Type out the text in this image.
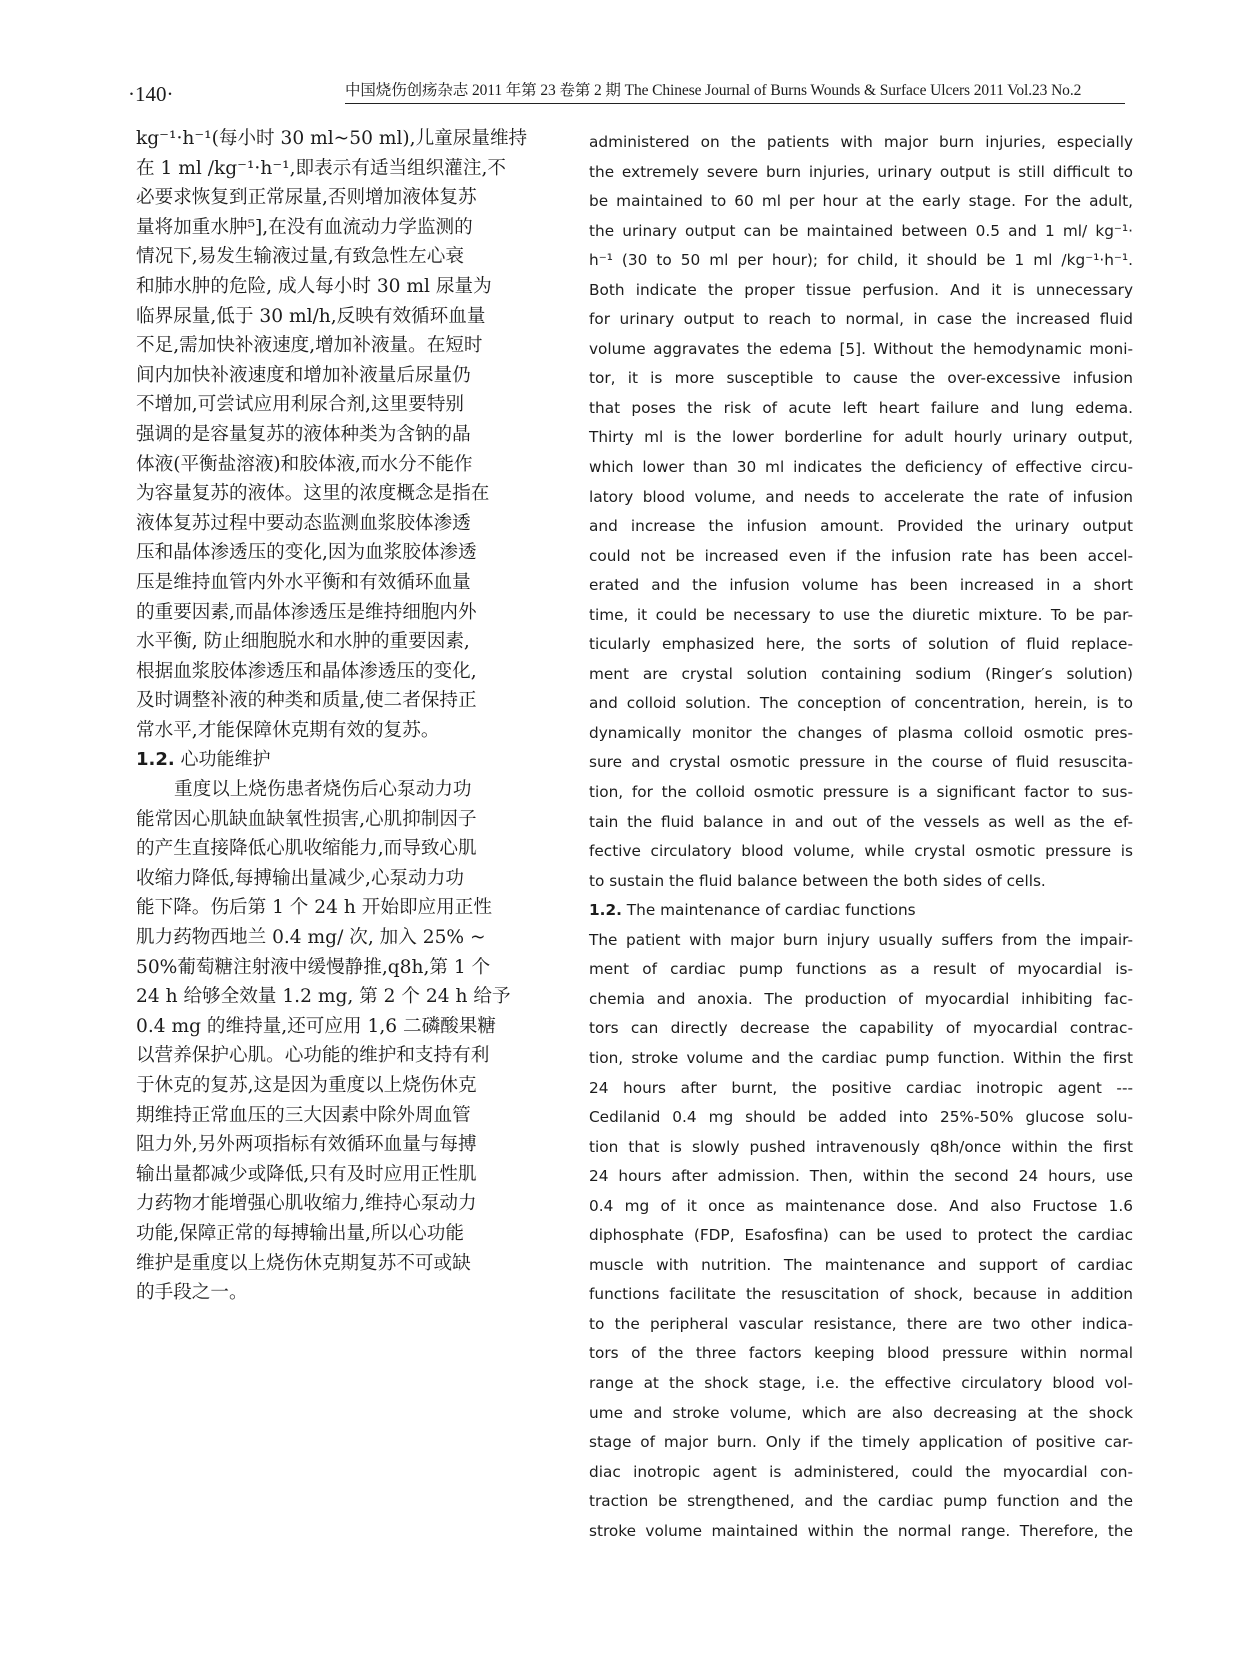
·140·	中国烧伤创疡杂志 2011 年第 23 卷第 2 期 The Chinese Journal of Burns Wounds & Surface Ulcers 2011 Vol.23 No.2
kg⁻¹·h⁻¹(每小时 30 ml~50 ml),儿童尿量维持
在 1 ml /kg⁻¹·h⁻¹,即表示有适当组织灌注,不
必要求恢复到正常尿量,否则增加液体复苏
量将加重水肿⁵],在没有血流动力学监测的
情况下,易发生输液过量,有致急性左心衰
和肺水肿的危险, 成人每小时 30 ml 尿量为
临界尿量,低于 30 ml/h,反映有效循环血量
不足,需加快补液速度,增加补液量。在短时
间内加快补液速度和增加补液量后尿量仍
不增加,可尝试应用利尿合剂,这里要特别
强调的是容量复苏的液体种类为含钠的晶
体液(平衡盐溶液)和胶体液,而水分不能作
为容量复苏的液体。这里的浓度概念是指在
液体复苏过程中要动态监测血浆胶体渗透
压和晶体渗透压的变化,因为血浆胶体渗透
压是维持血管内外水平衡和有效循环血量
的重要因素,而晶体渗透压是维持细胞内外
水平衡, 防止细胞脱水和水肿的重要因素,
根据血浆胶体渗透压和晶体渗透压的变化,
及时调整补液的种类和质量,使二者保持正
常水平,才能保障休克期有效的复苏。
1.2. 心功能维护
重度以上烧伤患者烧伤后心泵动力功
能常因心肌缺血缺氧性损害,心肌抑制因子
的产生直接降低心肌收缩能力,而导致心肌
收缩力降低,每搏输出量减少,心泵动力功
能下降。伤后第 1 个 24 h 开始即应用正性
肌力药物西地兰 0.4 mg/ 次, 加入 25% ~
50%葡萄糖注射液中缓慢静推,q8h,第 1 个
24 h 给够全效量 1.2 mg, 第 2 个 24 h 给予
0.4 mg 的维持量,还可应用 1,6 二磷酸果糖
以营养保护心肌。心功能的维护和支持有利
于休克的复苏,这是因为重度以上烧伤休克
期维持正常血压的三大因素中除外周血管
阻力外,另外两项指标有效循环血量与每搏
输出量都减少或降低,只有及时应用正性肌
力药物才能增强心肌收缩力,维持心泵动力
功能,保障正常的每搏输出量,所以心功能
维护是重度以上烧伤休克期复苏不可或缺
的手段之一。
administered on the patients with major burn injuries, especially
the extremely severe burn injuries, urinary output is still difficult to
be maintained to 60 ml per hour at the early stage. For the adult,
the urinary output can be maintained between 0.5 and 1 ml/ kg⁻¹·
h⁻¹ (30 to 50 ml per hour); for child, it should be 1 ml /kg⁻¹·h⁻¹.
Both indicate the proper tissue perfusion. And it is unnecessary
for urinary output to reach to normal, in case the increased fluid
volume aggravates the edema [5]. Without the hemodynamic moni-
tor, it is more susceptible to cause the over-excessive infusion
that poses the risk of acute left heart failure and lung edema.
Thirty ml is the lower borderline for adult hourly urinary output,
which lower than 30 ml indicates the deficiency of effective circu-
latory blood volume, and needs to accelerate the rate of infusion
and increase the infusion amount. Provided the urinary output
could not be increased even if the infusion rate has been accel-
erated and the infusion volume has been increased in a short
time, it could be necessary to use the diuretic mixture. To be par-
ticularly emphasized here, the sorts of solution of fluid replace-
ment are crystal solution containing sodium (Ringer′s solution)
and colloid solution. The conception of concentration, herein, is to
dynamically monitor the changes of plasma colloid osmotic pres-
sure and crystal osmotic pressure in the course of fluid resuscita-
tion, for the colloid osmotic pressure is a significant factor to sus-
tain the fluid balance in and out of the vessels as well as the ef-
fective circulatory blood volume, while crystal osmotic pressure is
to sustain the fluid balance between the both sides of cells.
1.2. The maintenance of cardiac functions
The patient with major burn injury usually suffers from the impair-
ment of cardiac pump functions as a result of myocardial is-
chemia and anoxia. The production of myocardial inhibiting fac-
tors can directly decrease the capability of myocardial contrac-
tion, stroke volume and the cardiac pump function. Within the first
24 hours after burnt, the positive cardiac inotropic agent ---
Cedilanid 0.4 mg should be added into 25%-50% glucose solu-
tion that is slowly pushed intravenously q8h/once within the first
24 hours after admission. Then, within the second 24 hours, use
0.4 mg of it once as maintenance dose. And also Fructose 1.6
diphosphate (FDP, Esafosfina) can be used to protect the cardiac
muscle with nutrition. The maintenance and support of cardiac
functions facilitate the resuscitation of shock, because in addition
to the peripheral vascular resistance, there are two other indica-
tors of the three factors keeping blood pressure within normal
range at the shock stage, i.e. the effective circulatory blood vol-
ume and stroke volume, which are also decreasing at the shock
stage of major burn. Only if the timely application of positive car-
diac inotropic agent is administered, could the myocardial con-
traction be strengthened, and the cardiac pump function and the
stroke volume maintained within the normal range. Therefore, the
